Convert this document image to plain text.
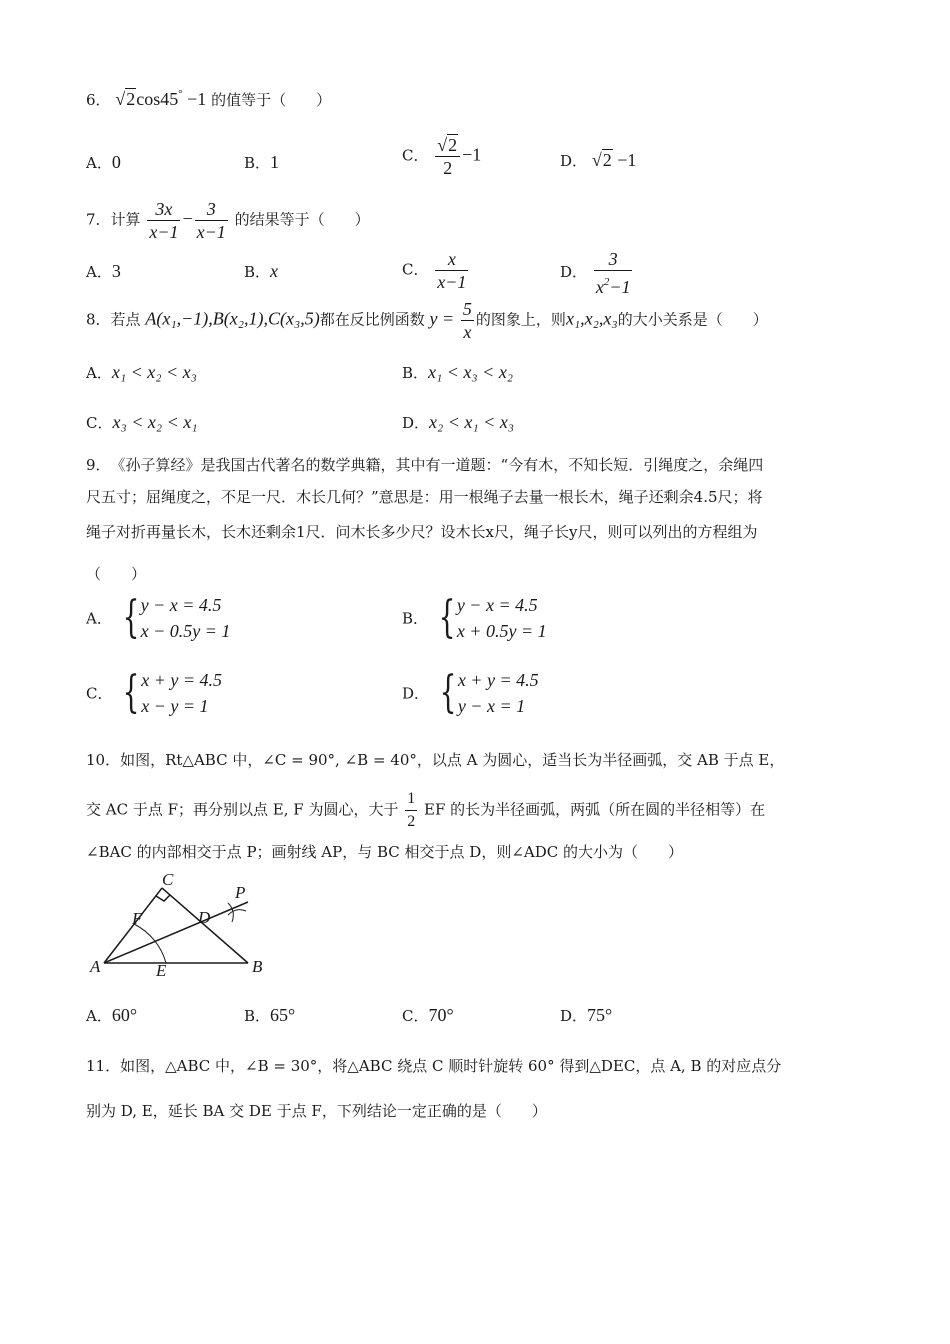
6． √2cos45° −1 的值等于（　　）
A．0	B．1	C． $\frac{√2}{2} -1$	D． √2 −1
7．计算 $\frac{3x}{x-1} - \frac{3}{x-1}$ 的结果等于（　　）
A．3	B．x	C． $\frac{x}{x-1}$	D． $\frac{3}{x^2-1}$
8．若点 A(x₁,−1),B(x₂,1),C(x₃,5)都在反比例函数 $y = \frac{5}{x}$ 的图象上，则x₁,x₂,x₃的大小关系是（　　）
A．x₁ < x₂ < x₃	B．x₁ < x₃ < x₂
C．x₃ < x₂ < x₁	D．x₂ < x₁ < x₃
9．　《孙子算经》是我国古代著名的数学典籍，其中有一道题：“今有木，不知长短．引绳度之，余绳四
尺五寸；屈绳度之，不足一尺．木长几何？”意思是：用一根绳子去量一根长木，绳子还剩余4.5尺；将
绳子对折再量长木，长木还剩余1尺．问木长多少尺？设木长x尺，绳子长y尺，则可以列出的方程组为
（　　）
A． { y − x = 4.5
x − 0.5y = 1
B． { y − x = 4.5
x + 0.5y = 1
C． { x + y = 4.5
x − y = 1
D． { x + y = 4.5
y − x = 1
10．如图，Rt△ABC 中，∠C = 90°, ∠B = 40°，以点 A 为圆心，适当长为半径画弧，交 AB 于点 E，
交 AC 于点 F；再分别以点 E, F 为圆心，大于 $\frac{1}{2}$ EF 的长为半径画弧，两弧（所在圆的半径相等）在
∠BAC 的内部相交于点 P；画射线 AP，与 BC 相交于点 D，则∠ADC 的大小为（　　）
C
P
F	D
A	E	B
A．60°	B．65°	C．70°	D．75°
11．如图，△ABC 中，∠B = 30°，将△ABC 绕点 C 顺时针旋转 60° 得到△DEC，点 A, B 的对应点分
别为 D, E，延长 BA 交 DE 于点 F，下列结论一定正确的是（　　）
